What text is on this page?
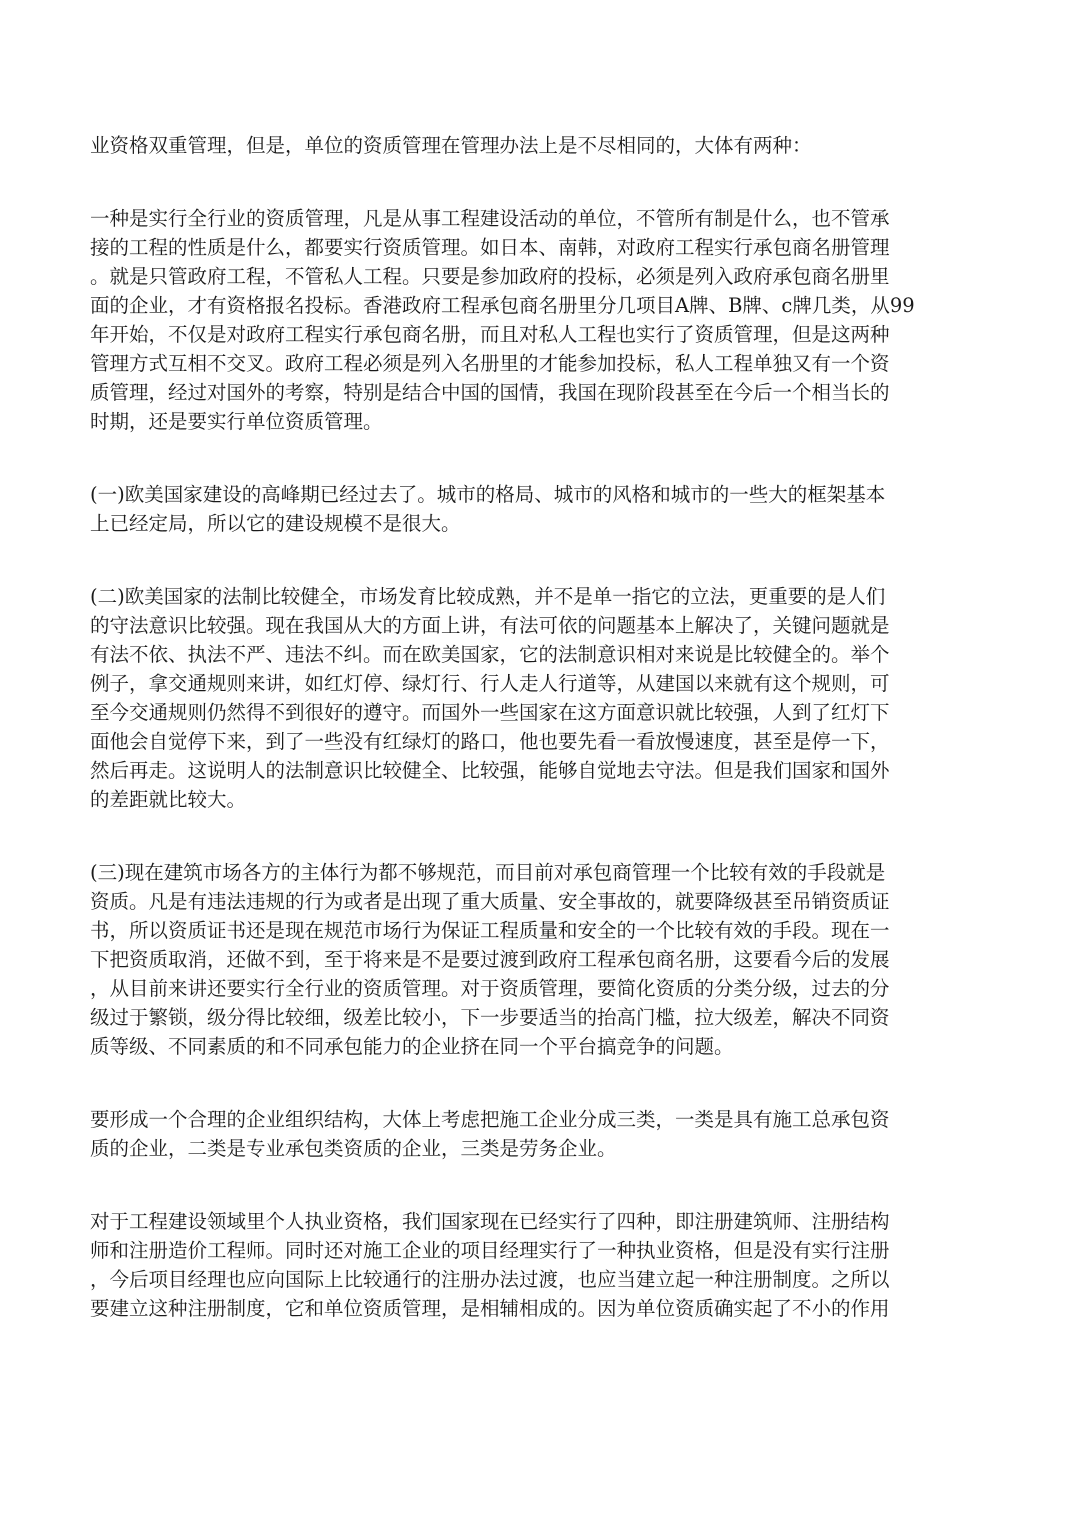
业资格双重管理，但是，单位的资质管理在管理办法上是不尽相同的，大体有两种：
一种是实行全行业的资质管理，凡是从事工程建设活动的单位，不管所有制是什么，也不管承
接的工程的性质是什么，都要实行资质管理。如日本、南韩，对政府工程实行承包商名册管理
。就是只管政府工程，不管私人工程。只要是参加政府的投标，必须是列入政府承包商名册里
面的企业，才有资格报名投标。香港政府工程承包商名册里分几项目A牌、B牌、c牌几类，从99
年开始，不仅是对政府工程实行承包商名册，而且对私人工程也实行了资质管理，但是这两种
管理方式互相不交叉。政府工程必须是列入名册里的才能参加投标，私人工程单独又有一个资
质管理，经过对国外的考察，特别是结合中国的国情，我国在现阶段甚至在今后一个相当长的
时期，还是要实行单位资质管理。
(一)欧美国家建设的高峰期已经过去了。城市的格局、城市的风格和城市的一些大的框架基本
上已经定局，所以它的建设规模不是很大。
(二)欧美国家的法制比较健全，市场发育比较成熟，并不是单一指它的立法，更重要的是人们
的守法意识比较强。现在我国从大的方面上讲，有法可依的问题基本上解决了，关键问题就是
有法不依、执法不严、违法不纠。而在欧美国家，它的法制意识相对来说是比较健全的。举个
例子，拿交通规则来讲，如红灯停、绿灯行、行人走人行道等，从建国以来就有这个规则，可
至今交通规则仍然得不到很好的遵守。而国外一些国家在这方面意识就比较强，人到了红灯下
面他会自觉停下来，到了一些没有红绿灯的路口，他也要先看一看放慢速度，甚至是停一下，
然后再走。这说明人的法制意识比较健全、比较强，能够自觉地去守法。但是我们国家和国外
的差距就比较大。
(三)现在建筑市场各方的主体行为都不够规范，而目前对承包商管理一个比较有效的手段就是
资质。凡是有违法违规的行为或者是出现了重大质量、安全事故的，就要降级甚至吊销资质证
书，所以资质证书还是现在规范市场行为保证工程质量和安全的一个比较有效的手段。现在一
下把资质取消，还做不到，至于将来是不是要过渡到政府工程承包商名册，这要看今后的发展
，从目前来讲还要实行全行业的资质管理。对于资质管理，要简化资质的分类分级，过去的分
级过于繁锁，级分得比较细，级差比较小，下一步要适当的抬高门槛，拉大级差，解决不同资
质等级、不同素质的和不同承包能力的企业挤在同一个平台搞竞争的问题。
要形成一个合理的企业组织结构，大体上考虑把施工企业分成三类，一类是具有施工总承包资
质的企业，二类是专业承包类资质的企业，三类是劳务企业。
对于工程建设领域里个人执业资格，我们国家现在已经实行了四种，即注册建筑师、注册结构
师和注册造价工程师。同时还对施工企业的项目经理实行了一种执业资格，但是没有实行注册
，今后项目经理也应向国际上比较通行的注册办法过渡，也应当建立起一种注册制度。之所以
要建立这种注册制度，它和单位资质管理，是相辅相成的。因为单位资质确实起了不小的作用
